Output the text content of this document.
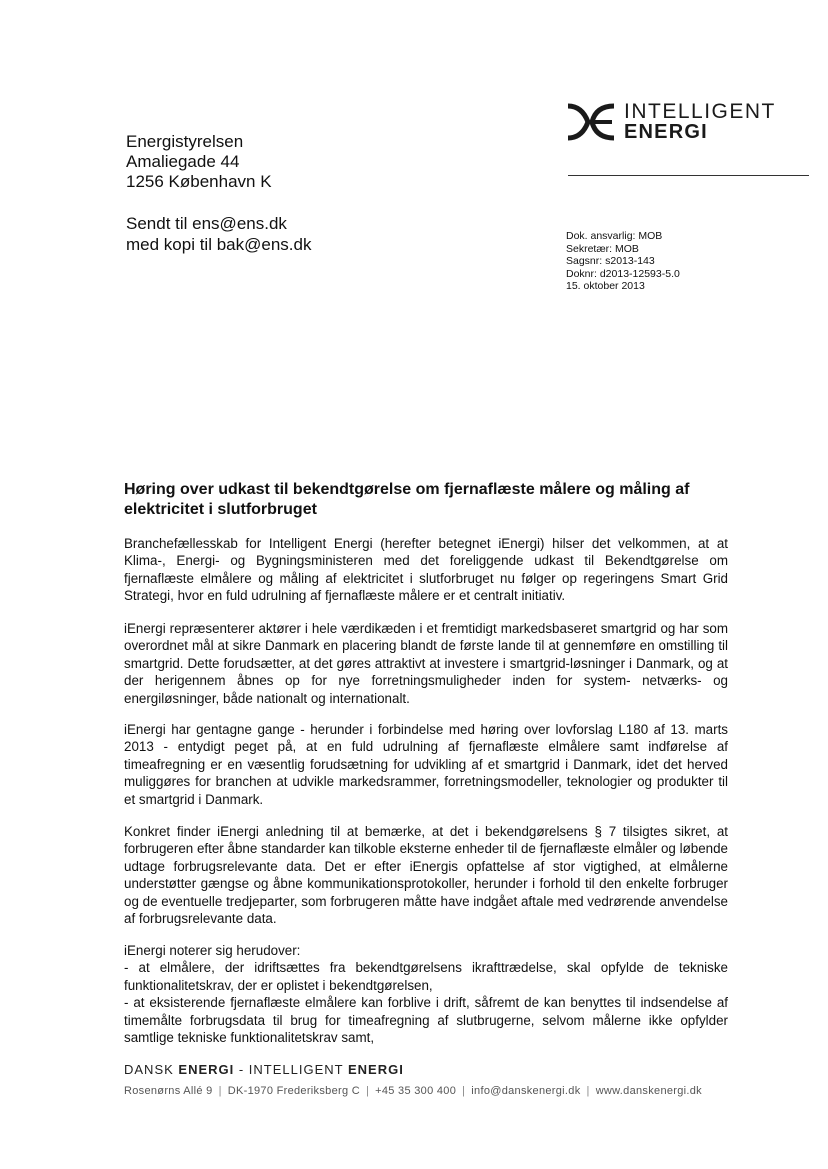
INTELLIGENT
ENERGI
Energistyrelsen
Amaliegade 44
1256 København K
Sendt til ens@ens.dk
med kopi til bak@ens.dk	Dok. ansvarlig: MOB
Sekretær: MOB
Sagsnr: s2013-143
Doknr: d2013-12593-5.0
15. oktober 2013
Høring over udkast til bekendtgørelse om fjernaflæste målere og måling af elektricitet i slutforbruget
Branchefællesskab for Intelligent Energi (herefter betegnet iEnergi) hilser det velkommen, at at Klima-, Energi- og Bygningsministeren med det foreliggende udkast til Bekendtgørelse om fjernaflæste elmålere og måling af elektricitet i slutforbruget nu følger op regeringens Smart Grid Strategi, hvor en fuld udrulning af fjernaflæste målere er et centralt initiativ.
iEnergi repræsenterer aktører i hele værdikæden i et fremtidigt markedsbaseret smartgrid og har som overordnet mål at sikre Danmark en placering blandt de første lande til at gennemføre en omstilling til smartgrid. Dette forudsætter, at det gøres attraktivt at investere i smartgrid-løsninger i Danmark, og at der herigennem åbnes op for nye forretningsmuligheder inden for system- netværks- og energiløsninger, både nationalt og internationalt.
iEnergi har gentagne gange - herunder i forbindelse med høring over lovforslag L180 af 13. marts 2013 - entydigt peget på, at en fuld udrulning af fjernaflæste elmålere samt indførelse af timeafregning er en væsentlig forudsætning for udvikling af et smartgrid i Danmark, idet det herved muliggøres for branchen at udvikle markedsrammer, forretningsmodeller, teknologier og produkter til et smartgrid i Danmark.
Konkret finder iEnergi anledning til at bemærke, at det i bekendgørelsens § 7 tilsigtes sikret, at forbrugeren efter åbne standarder kan tilkoble eksterne enheder til de fjernaflæste elmåler og løbende udtage forbrugsrelevante data. Det er efter iEnergis opfattelse af stor vigtighed, at elmålerne understøtter gængse og åbne kommunikationsprotokoller, herunder i forhold til den enkelte forbruger og de eventuelle tredjeparter, som forbrugeren måtte have indgået aftale med vedrørende anvendelse af forbrugsrelevante data.
iEnergi noterer sig herudover:
- at elmålere, der idriftsættes fra bekendtgørelsens ikrafttrædelse, skal opfylde de tekniske funktionalitetskrav, der er oplistet i bekendtgørelsen,
- at eksisterende fjernaflæste elmålere kan forblive i drift, såfremt de kan benyttes til indsendelse af timemålte forbrugsdata til brug for timeafregning af slutbrugerne, selvom målerne ikke opfylder samtlige tekniske funktionalitetskrav samt,
DANSK ENERGI - INTELLIGENT ENERGI
Rosenørns Allé 9 | DK-1970 Frederiksberg C | +45 35 300 400 | info@danskenergi.dk | www.danskenergi.dk
